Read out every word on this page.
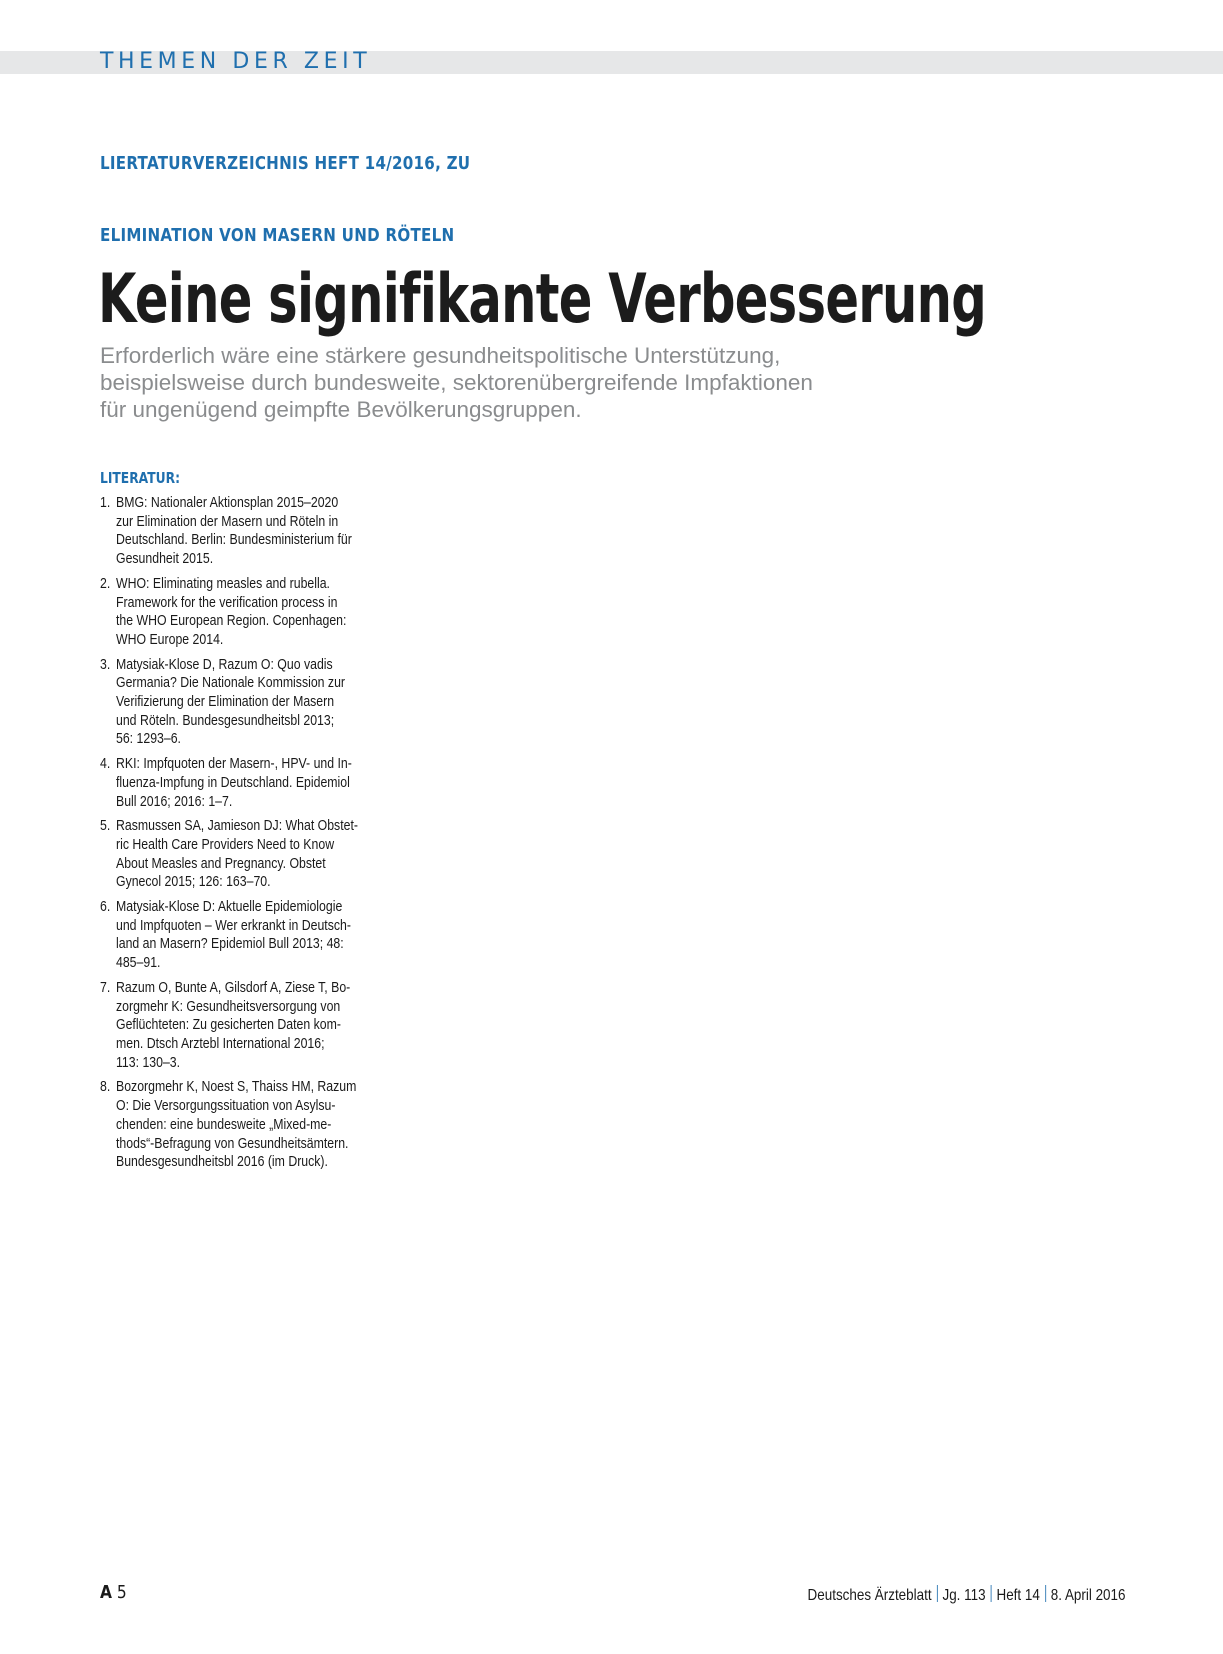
THEMEN DER ZEIT
LIERTATURVERZEICHNIS HEFT 14/2016, ZU
ELIMINATION VON MASERN UND RÖTELN
Keine signifikante Verbesserung
Erforderlich wäre eine stärkere gesundheitspolitische Unterstützung,
beispielsweise durch bundesweite, sektorenübergreifende Impfaktionen
für ungenügend geimpfte Bevölkerungsgruppen.
LITERATUR:
1. BMG: Nationaler Aktionsplan 2015–2020
zur Elimination der Masern und Röteln in
Deutschland. Berlin: Bundesministerium für
Gesundheit 2015.
2. WHO: Eliminating measles and rubella.
Framework for the verification process in
the WHO European Region. Copenhagen:
WHO Europe 2014.
3. Matysiak-Klose D, Razum O: Quo vadis
Germania? Die Nationale Kommission zur
Verifizierung der Elimination der Masern
und Röteln. Bundesgesundheitsbl 2013;
56: 1293–6.
4. RKI: Impfquoten der Masern-, HPV- und In-
fluenza-Impfung in Deutschland. Epidemiol
Bull 2016; 2016: 1–7.
5. Rasmussen SA, Jamieson DJ: What Obstet-
ric Health Care Providers Need to Know
About Measles and Pregnancy. Obstet
Gynecol 2015; 126: 163–70.
6. Matysiak-Klose D: Aktuelle Epidemiologie
und Impfquoten – Wer erkrankt in Deutsch-
land an Masern? Epidemiol Bull 2013; 48:
485–91.
7. Razum O, Bunte A, Gilsdorf A, Ziese T, Bo-
zorgmehr K: Gesundheitsversorgung von
Geflüchteten: Zu gesicherten Daten kom-
men. Dtsch Arztebl International 2016;
113: 130–3.
8. Bozorgmehr K, Noest S, Thaiss HM, Razum
O: Die Versorgungssituation von Asylsu-
chenden: eine bundesweite „Mixed-me-
thods“-Befragung von Gesundheitsämtern.
Bundesgesundheitsbl 2016 (im Druck).
A 5	Deutsches Ärzteblatt Jg. 113 Heft 14 8. April 2016
